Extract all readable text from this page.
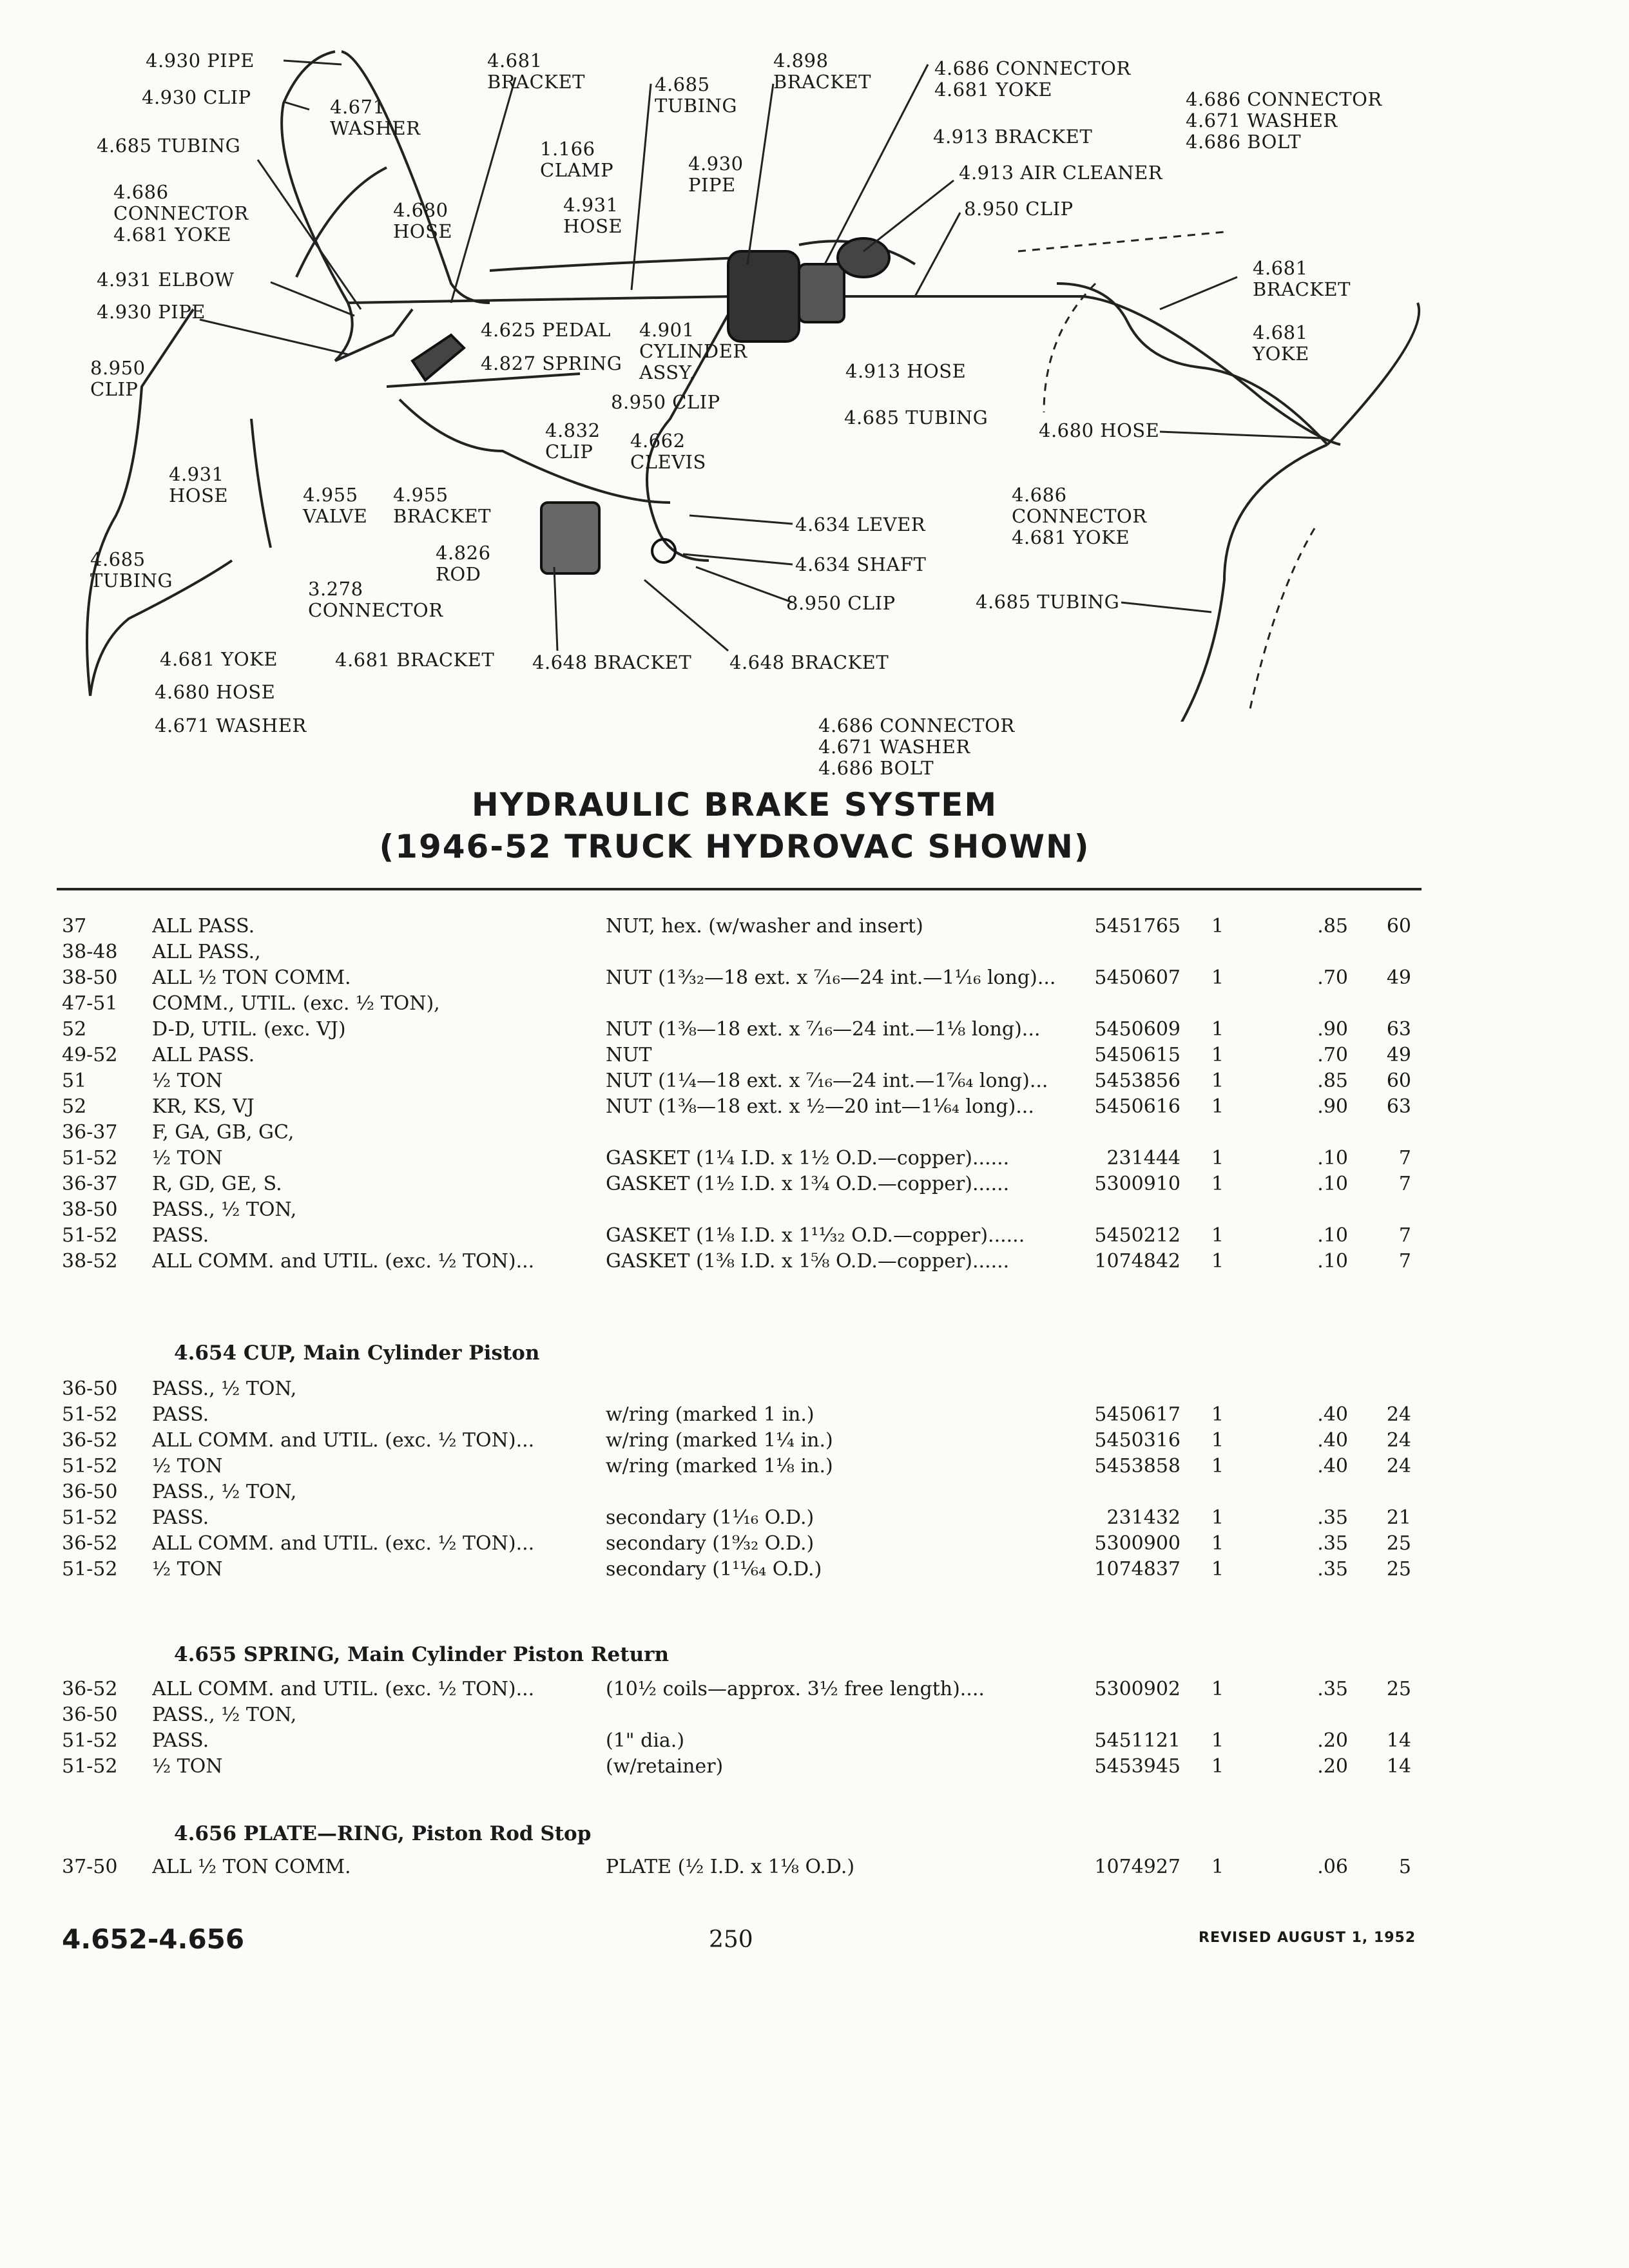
4.930 PIPE
4.930 CLIP
4.685 TUBING
4.686
CONNECTOR
4.681 YOKE
4.931 ELBOW
4.930 PIPE
8.950
CLIP
4.931
HOSE
4.685
TUBING
4.681 YOKE
4.680 HOSE
4.671 WASHER
4.671
WASHER
4.680
HOSE
4.681
BRACKET
1.166
CLAMP
4.931
HOSE
4.685
TUBING
4.930
PIPE
4.898
BRACKET
4.686 CONNECTOR
4.681 YOKE
4.913 BRACKET
4.913 AIR CLEANER
8.950 CLIP
4.686 CONNECTOR
4.671 WASHER
4.686 BOLT
4.681
BRACKET
4.681
YOKE
4.680 HOSE
4.686
CONNECTOR
4.681 YOKE
4.685 TUBING
4.686 CONNECTOR
4.671 WASHER
4.686 BOLT
4.625 PEDAL
4.827 SPRING
4.901
CYLINDER
ASSY.	4.913 HOSE
8.950 CLIP
4.685 TUBING
4.832
CLIP	4.662
CLEVIS
4.955
VALVE
4.955
BRACKET
3.278
CONNECTOR
4.826
ROD
4.634 LEVER
4.634 SHAFT
8.950 CLIP
4.681 BRACKET 4.648 BRACKET 4.648 BRACKET
HYDRAULIC BRAKE SYSTEM
(1946-52 TRUCK HYDROVAC SHOWN)
37	ALL PASS.	NUT, hex. (w/washer and insert)	5451765 1	.85	60
38-48 ALL PASS.,
38-50 ALL ½ TON COMM.	NUT (1³⁄₃₂—18 ext. x ⁷⁄₁₆—24 int.—1¹⁄₁₆ long)...	5450607 1	.70	49
47-51 COMM., UTIL. (exc. ½ TON),
52	D-D, UTIL. (exc. VJ)	NUT (1⅜—18 ext. x ⁷⁄₁₆—24 int.—1⅛ long)...	5450609 1	.90	63
49-52 ALL PASS.	NUT	5450615 1	.70	49
51	½ TON	NUT (1¼—18 ext. x ⁷⁄₁₆—24 int.—1⁷⁄₆₄ long)...	5453856 1	.85	60
52	KR, KS, VJ	NUT (1⅜—18 ext. x ½—20 int—1¹⁄₆₄ long)...	5450616 1	.90	63
36-37 F, GA, GB, GC,
51-52 ½ TON	GASKET (1¼ I.D. x 1½ O.D.—copper)......	231444 1	.10	7
36-37 R, GD, GE, S.	GASKET (1½ I.D. x 1¾ O.D.—copper)......	5300910 1	.10	7
38-50 PASS., ½ TON,
51-52 PASS.	GASKET (1⅛ I.D. x 1¹¹⁄₃₂ O.D.—copper)......	5450212 1	.10	7
38-52 ALL COMM. and UTIL. (exc. ½ TON)...	GASKET (1⅜ I.D. x 1⅝ O.D.—copper)......	1074842 1	.10	7
4.654 CUP, Main Cylinder Piston
36-50 PASS., ½ TON,
51-52 PASS.	w/ring (marked 1 in.)	5450617 1	.40	24
36-52 ALL COMM. and UTIL. (exc. ½ TON)...	w/ring (marked 1¼ in.)	5450316 1	.40	24
51-52 ½ TON	w/ring (marked 1⅛ in.)	5453858 1	.40	24
36-50 PASS., ½ TON,
51-52 PASS.	secondary (1¹⁄₁₆ O.D.)	231432 1	.35	21
36-52 ALL COMM. and UTIL. (exc. ½ TON)...	secondary (1⁹⁄₃₂ O.D.)	5300900 1	.35	25
51-52 ½ TON	secondary (1¹¹⁄₆₄ O.D.)	1074837 1	.35	25
4.655 SPRING, Main Cylinder Piston Return
36-52 ALL COMM. and UTIL. (exc. ½ TON)...	(10½ coils—approx. 3½ free length)....	5300902 1	.35	25
36-50 PASS., ½ TON,
51-52 PASS.	(1" dia.)	5451121 1	.20	14
51-52 ½ TON	(w/retainer)	5453945 1	.20	14
4.656 PLATE—RING, Piston Rod Stop
37-50 ALL ½ TON COMM.	PLATE (½ I.D. x 1⅛ O.D.)	1074927 1	.06	5
4.652-4.656	250	REVISED AUGUST 1, 1952
